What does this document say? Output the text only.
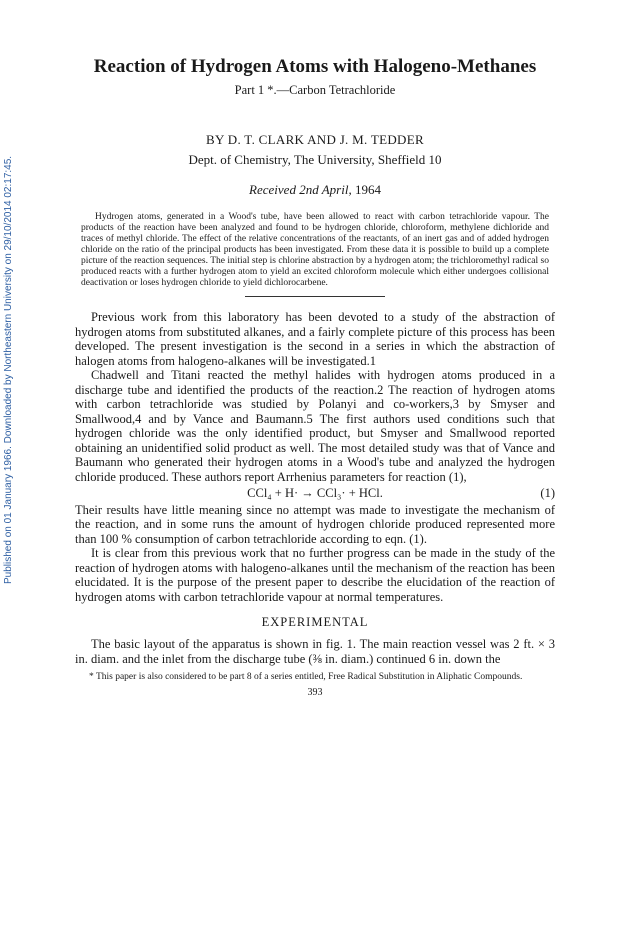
Published on 01 January 1966. Downloaded by Northeastern University on 29/10/2014 02:17:45.
Reaction of Hydrogen Atoms with Halogeno-Methanes

Part 1 *.—Carbon Tetrachloride

BY D. T. CLARK AND J. M. TEDDER

Dept. of Chemistry, The University, Sheffield 10

Received 2nd April, 1964

Hydrogen atoms, generated in a Wood's tube, have been allowed to react with carbon tetrachloride vapour. The products of the reaction have been analyzed and found to be hydrogen chloride, chloroform, methylene dichloride and traces of methyl chloride. The effect of the relative concentrations of the reactants, of an inert gas and of added hydrogen chloride on the ratio of the principal products has been investigated. From these data it is possible to build up a complete picture of the reaction sequences. The initial step is chlorine abstraction by a hydrogen atom; the trichloromethyl radical so produced reacts with a further hydrogen atom to yield an excited chloroform molecule which either undergoes collisional deactivation or loses hydrogen chloride to yield dichlorocarbene.

Previous work from this laboratory has been devoted to a study of the abstraction of hydrogen atoms from substituted alkanes, and a fairly complete picture of this process has been developed. The present investigation is the second in a series in which the abstraction of halogen atoms from halogeno-alkanes will be investigated.1

Chadwell and Titani reacted the methyl halides with hydrogen atoms produced in a discharge tube and identified the products of the reaction.2 The reaction of hydrogen atoms with carbon tetrachloride was studied by Polanyi and co-workers,3 by Smyser and Smallwood,4 and by Vance and Baumann.5 The first authors used conditions such that hydrogen chloride was the only identified product, but Smyser and Smallwood reported obtaining an unidentified solid product as well. The most detailed study was that of Vance and Baumann who generated their hydrogen atoms in a Wood's tube and analyzed the hydrogen chloride produced. These authors report Arrhenius parameters for reaction (1),

CCl₄ + H· → CCl₃· + HCl.	(1)

Their results have little meaning since no attempt was made to investigate the mechanism of the reaction, and in some runs the amount of hydrogen chloride produced represented more than 100 % consumption of carbon tetrachloride according to eqn. (1).

It is clear from this previous work that no further progress can be made in the study of the reaction of hydrogen atoms with halogeno-alkanes until the mechanism of the reaction has been elucidated. It is the purpose of the present paper to describe the elucidation of the reaction of hydrogen atoms with carbon tetrachloride vapour at normal temperatures.

EXPERIMENTAL

The basic layout of the apparatus is shown in fig. 1. The main reaction vessel was 2 ft. × 3 in. diam. and the inlet from the discharge tube (⅜ in. diam.) continued 6 in. down the

* This paper is also considered to be part 8 of a series entitled, Free Radical Substitution in Aliphatic Compounds.

393
